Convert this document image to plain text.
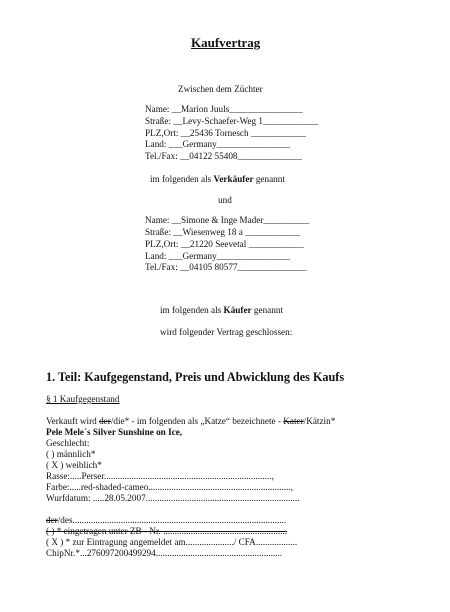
Kaufvertrag
Zwischen dem Züchter
Name: __Marion Juuls________________
Straße: __Levy-Schaefer-Weg 1____________
PLZ,Ort: __25436 Tornesch ____________
Land: ___Germany________________
Tel./Fax: __04122 55408______________
im folgenden als Verkäufer genannt
und
Name: __Simone & Inge Mader__________
Straße: __Wiesenweg 18 a ____________
PLZ,Ort: __21220 Seevetal ____________
Land: ___Germany________________
Tel./Fax: __04105 80577_______________
im folgenden als Käufer genannt
wird folgender Vertrag geschlossen:
1. Teil: Kaufgegenstand, Preis und Abwicklung des Kaufs
§ 1 Kaufgegenstand
Verkauft wird der/die* - im folgenden als „Katze“ bezeichnete - Kater/Kätzin*
Pele Mele´s Silver Sunshine on Ice,
Geschlecht:
( ) männlich*
( X ) weiblich*
Rasse:.....Perser.........................................................................,
Farbe:.....red-shaded-cameo..............................................................,
Wurfdatum: .....28.05.2007...................................................................
der/des.............................................................................................
( ) * eingetragen unter ZB - Nr. ......................................................
( X ) * zur Eintragung angemeldet am...................../ CFA..................
ChipNr.*...276097200499294.......................................................
